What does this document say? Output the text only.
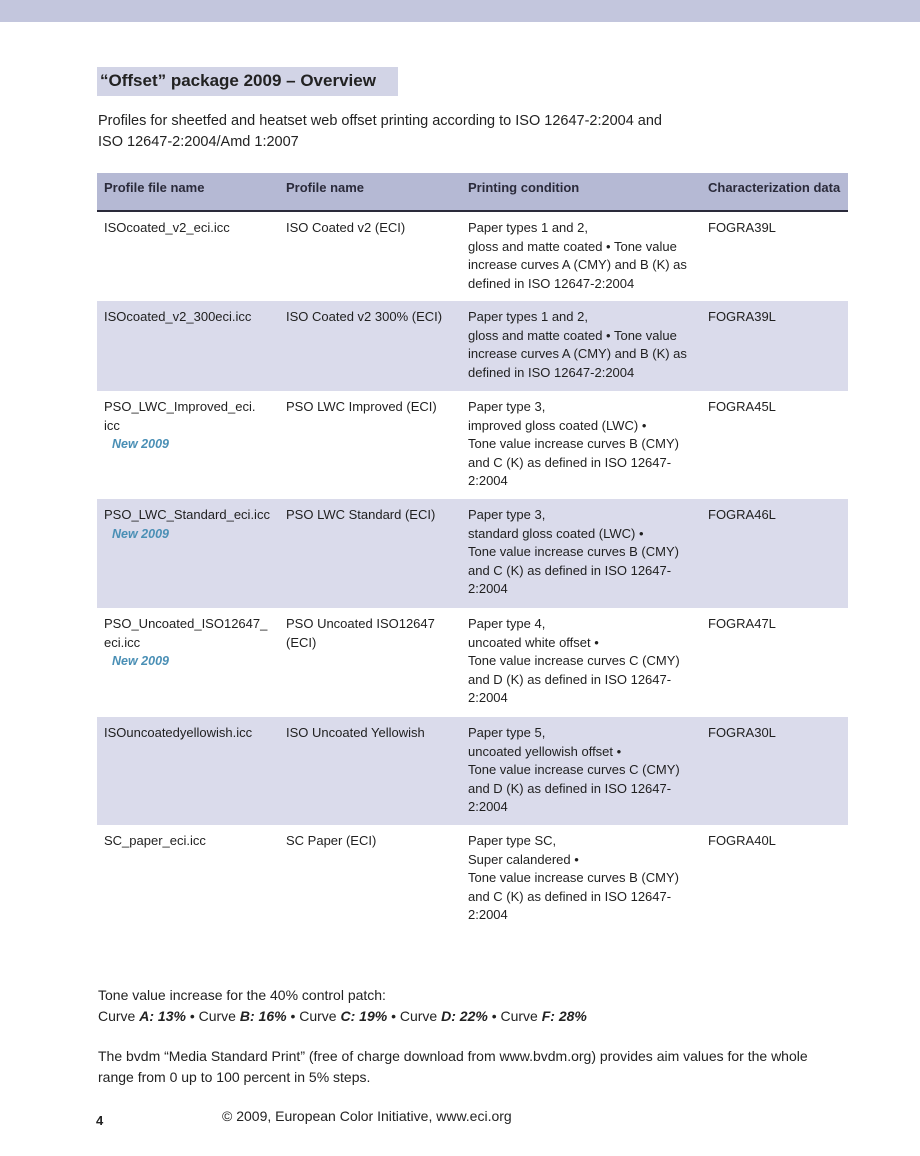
“Offset” package 2009 – Overview
Profiles for sheetfed and heatset web offset printing according to ISO 12647-2:2004 and
ISO 12647-2:2004/Amd 1:2007
Profile file name	Profile name	Printing condition	Characterization data

ISOcoated_v2_eci.icc	ISO Coated v2 (ECI)	Paper types 1 and 2,
gloss and matte coated • Tone value
increase curves A (CMY) and B (K) as
defined in ISO 12647-2:2004	FOGRA39L

ISOcoated_v2_300eci.icc	ISO Coated v2 300% (ECI)	Paper types 1 and 2,
gloss and matte coated • Tone value
increase curves A (CMY) and B (K) as
defined in ISO 12647-2:2004	FOGRA39L

PSO_LWC_Improved_eci.
icc
New 2009	PSO LWC Improved (ECI)	Paper type 3,
improved gloss coated (LWC) •
Tone value increase curves B (CMY)
and C (K) as defined in ISO 12647-
2:2004	FOGRA45L

PSO_LWC_Standard_eci.icc
New 2009	PSO LWC Standard (ECI)	Paper type 3,
standard gloss coated (LWC) •
Tone value increase curves B (CMY)
and C (K) as defined in ISO 12647-
2:2004	FOGRA46L

PSO_Uncoated_ISO12647_
eci.icc
New 2009	PSO Uncoated ISO12647
(ECI)	Paper type 4,
uncoated white offset •
Tone value increase curves C (CMY)
and D (K) as defined in ISO 12647-
2:2004	FOGRA47L

ISOuncoatedyellowish.icc	ISO Uncoated Yellowish	Paper type 5,
uncoated yellowish offset •
Tone value increase curves C (CMY)
and D (K) as defined in ISO 12647-
2:2004	FOGRA30L

SC_paper_eci.icc	SC Paper (ECI)	Paper type SC,
Super calandered •
Tone value increase curves B (CMY)
and C (K) as defined in ISO 12647-
2:2004	FOGRA40L
Tone value increase for the 40% control patch:
Curve A: 13% • Curve B: 16% • Curve C: 19% • Curve D: 22% • Curve F: 28%
The bvdm “Media Standard Print” (free of charge download from www.bvdm.org) provides aim values for the whole
range from 0 up to 100 percent in 5% steps.
4	© 2009, European Color Initiative, www.eci.org
